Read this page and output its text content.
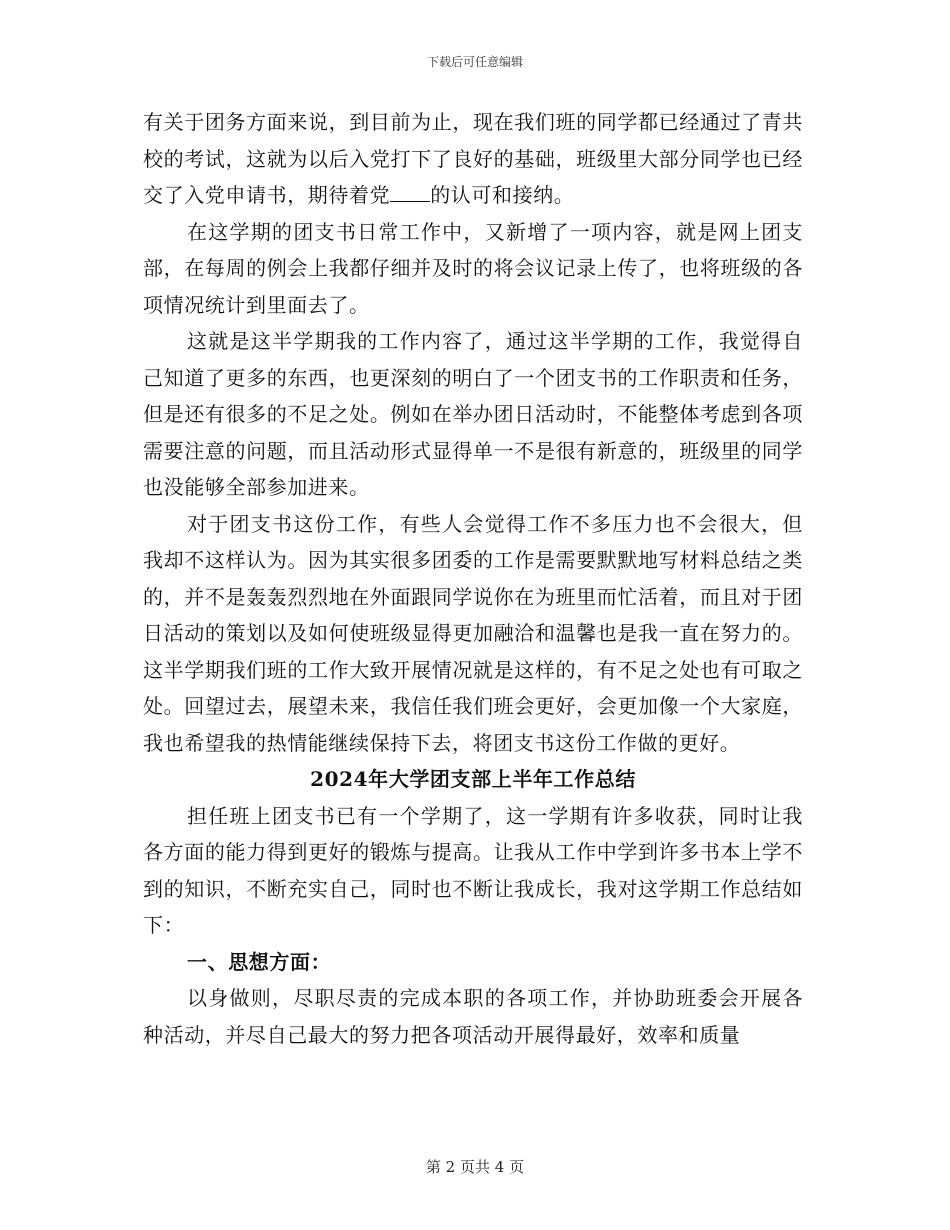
下载后可任意编辑

有关于团务方面来说，到目前为止，现在我们班的同学都已经通过了青共校的考试，这就为以后入党打下了良好的基础，班级里大部分同学也已经交了入党申请书，期待着党 的认可和接纳。

在这学期的团支书日常工作中，又新增了一项内容，就是网上团支部，在每周的例会上我都仔细并及时的将会议记录上传了，也将班级的各项情况统计到里面去了。

这就是这半学期我的工作内容了，通过这半学期的工作，我觉得自己知道了更多的东西，也更深刻的明白了一个团支书的工作职责和任务，但是还有很多的不足之处。例如在举办团日活动时，不能整体考虑到各项需要注意的问题，而且活动形式显得单一不是很有新意的，班级里的同学也没能够全部参加进来。

对于团支书这份工作，有些人会觉得工作不多压力也不会很大，但我却不这样认为。因为其实很多团委的工作是需要默默地写材料总结之类的，并不是轰轰烈烈地在外面跟同学说你在为班里而忙活着，而且对于团日活动的策划以及如何使班级显得更加融洽和温馨也是我一直在努力的。这半学期我们班的工作大致开展情况就是这样的，有不足之处也有可取之处。回望过去，展望未来，我信任我们班会更好，会更加像一个大家庭，我也希望我的热情能继续保持下去，将团支书这份工作做的更好。

2024年大学团支部上半年工作总结

担任班上团支书已有一个学期了，这一学期有许多收获，同时让我各方面的能力得到更好的锻炼与提高。让我从工作中学到许多书本上学不到的知识，不断充实自己，同时也不断让我成长，我对这学期工作总结如下：

一、思想方面：

以身做则，尽职尽责的完成本职的各项工作，并协助班委会开展各种活动，并尽自己最大的努力把各项活动开展得最好，效率和质量

第 2 页共 4 页
